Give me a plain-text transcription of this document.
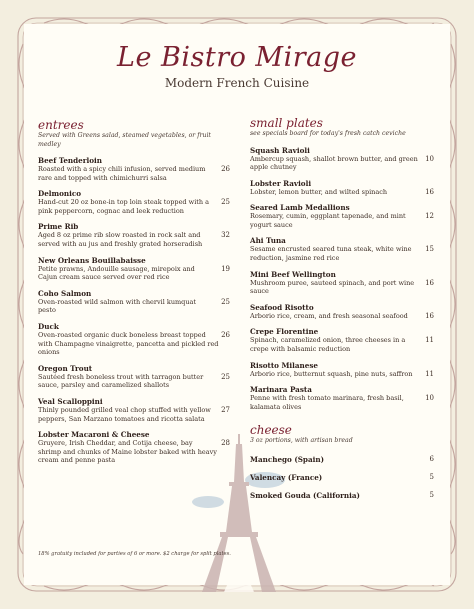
Le Bistro Mirage
Modern French Cuisine
entrees
Served with Greens salad, steamed vegetables, or fruit medley
Beef Tenderloin
26
Roasted with a spicy chili infusion, served medium rare and topped with chimichurri salsa
Delmonico
25
Hand-cut 20 oz bone-in top loin steak topped with a pink peppercorn, cognac and leek reduction
Prime Rib
32
Aged 8 oz prime rib slow roasted in rock salt and served with au jus and freshly grated horseradish
New Orleans Bouillabaisse
19
Petite prawns, Andouille sausage, mirepoix and Cajun cream sauce served over red rice
Coho Salmon
25
Oven-roasted wild salmon with chervil kumquat pesto
Duck
26
Oven-roasted organic duck boneless breast topped with Champagne vinaigrette, pancetta and pickled red onions
Oregon Trout
25
Sautéed fresh boneless trout with tarragon butter sauce, parsley and caramelized shallots
Veal Scalloppini
27
Thinly pounded grilled veal chop stuffed with yellow peppers, San Marzano tomatoes and ricotta salata
Lobster Macaroni & Cheese
28
Gruyere, Irish Cheddar, and Cotija cheese, bay shrimp and chunks of Maine lobster baked with heavy cream and penne pasta
small plates
see specials board for today's fresh catch ceviche
Squash Ravioli
10
Ambercup squash, shallot brown butter, and green apple chutney
Lobster Ravioli
16
Lobster, lemon butter, and wilted spinach
Seared Lamb Medallions
12
Rosemary, cumin, eggplant tapenade, and mint yogurt sauce
Ahi Tuna
15
Sesame encrusted seared tuna steak, white wine reduction, jasmine red rice
Mini Beef Wellington
16
Mushroom puree, sauteed spinach, and port wine sauce
Seafood Risotto
16
Arborio rice, cream, and fresh seasonal seafood
Crepe Florentine
11
Spinach, caramelized onion, three cheeses in a crepe with balsamic reduction
Risotto Milanese
11
Arborio rice, butternut squash, pine nuts, saffron
Marinara Pasta
10
Penne with fresh tomato marinara, fresh basil, kalamata olives
cheese
3 oz portions, with artisan bread
6
Manchego (Spain)
5
Valencay (France)
5
Smoked Gouda (California)
18% gratuity included for parties of 6 or more. $2 charge for split plates.
